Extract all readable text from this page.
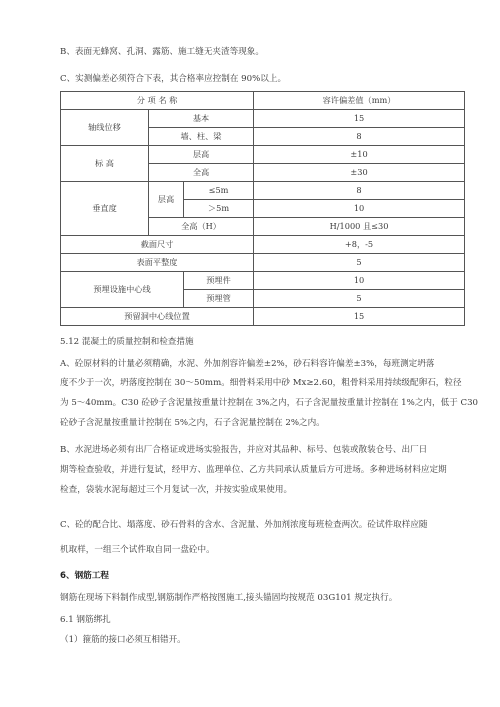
B、表面无蜂窝、孔洞、露筋、施工缝无夹渣等现象。
C、实测偏差必须符合下表，其合格率应控制在 90%以上。
分 项 名 称			容许偏差值（mm）
轴线位移	基本		15
	墙、柱、梁		8
标 高	层高		±10
	全高		±30
垂直度	层高	≤5m	8
		＞5m	10
	全高（H）		H/1000 且≤30
截面尺寸			+8，-5
表面平整度			5
预埋设施中心线		预埋件	10
		预埋管	5
预留洞中心线位置			15
5.12 混凝土的质量控制和检查措施
A、砼原材料的计量必须精确，水泥、外加剂容许偏差±2%，砂石料容许偏差±3%，每班测定坍落
度不少于一次，坍落度控制在 30～50mm。细骨料采用中砂 Mx≥2.60，粗骨料采用持续级配卵石，粒径
为 5～40mm。C30 砼砂子含泥量按重量计控制在 3%之内，石子含泥量按重量计控制在 1%之内，低于 C30
砼砂子含泥量按重量计控制在 5%之内，石子含泥量控制在 2%之内。
B、水泥进场必须有出厂合格证或进场实验报告，并应对其品种、标号、包装或散装仓号、出厂日
期等检查验收，并进行复试，经甲方、监理单位、乙方共同承认质量后方可进场。多种进场材料应定期
检查，袋装水泥每超过三个月复试一次，并按实验成果使用。
C、砼的配合比、塌落度、砂石骨料的含水、含泥量、外加剂浓度每班检查两次。砼试件取样应随
机取样，一组三个试件取自同一盘砼中。
6、钢筋工程
钢筋在现场下料制作成型,钢筋制作严格按图施工,接头锚固均按规范 03G101 规定执行。
6.1 钢筋绑扎
（1）箍筋的接口必须互相错开。
